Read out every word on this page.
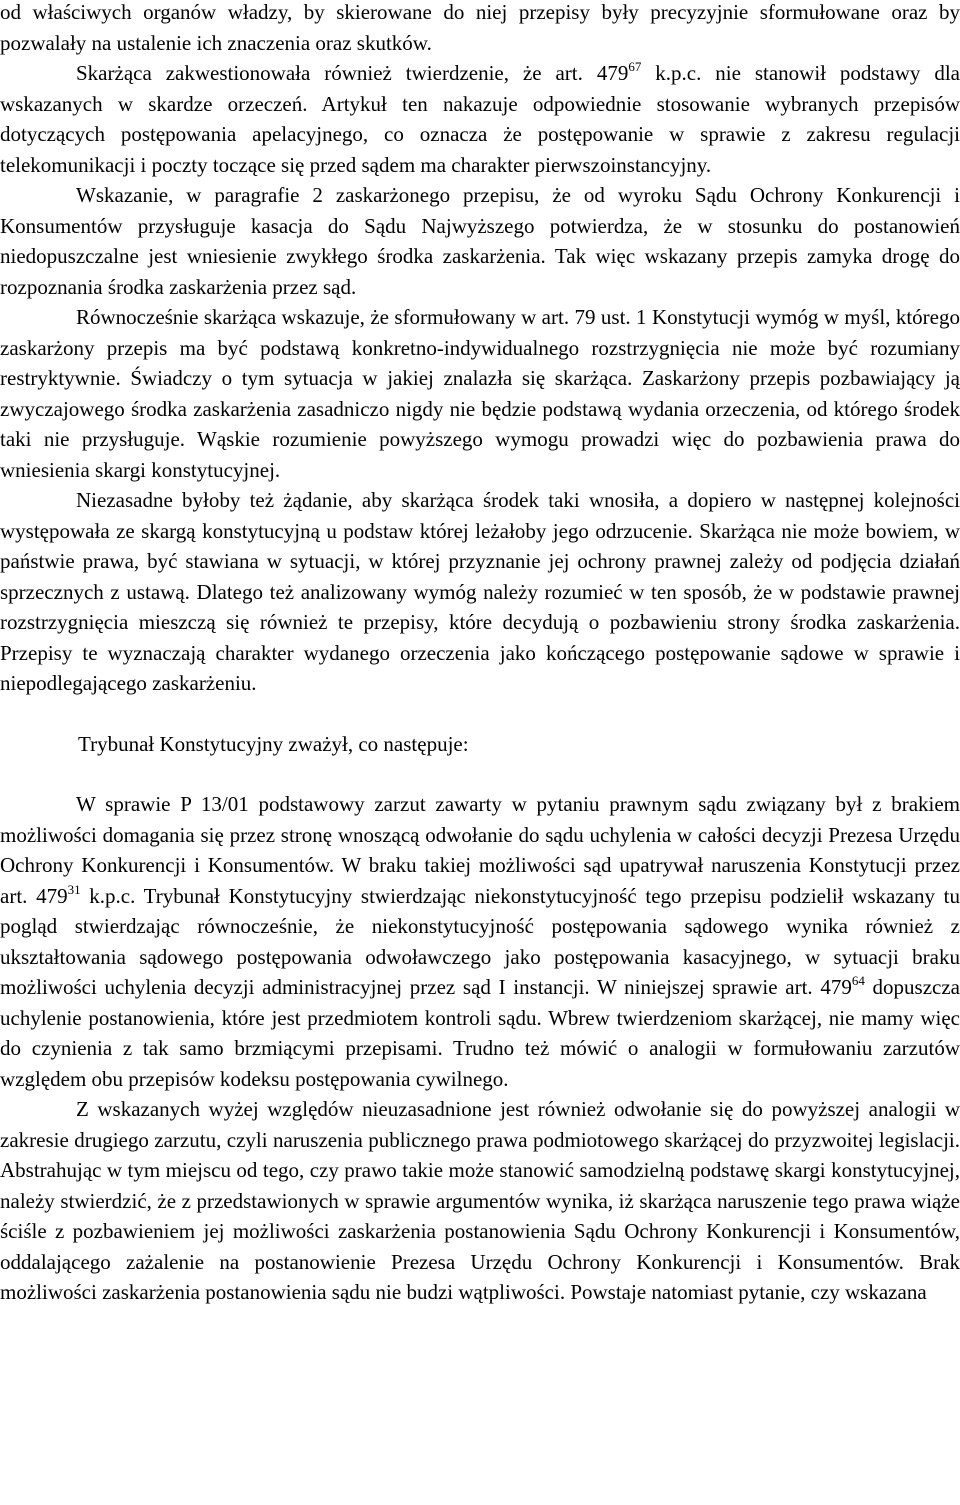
od właściwych organów władzy, by skierowane do niej przepisy były precyzyjnie sformułowane oraz by pozwalały na ustalenie ich znaczenia oraz skutków.

Skarżąca zakwestionowała również twierdzenie, że art. $479^{67}$ k.p.c. nie stanowił podstawy dla wskazanych w skardze orzeczeń. Artykuł ten nakazuje odpowiednie stosowanie wybranych przepisów dotyczących postępowania apelacyjnego, co oznacza że postępowanie w sprawie z zakresu regulacji telekomunikacji i poczty toczące się przed sądem ma charakter pierwszoinstancyjny.

Wskazanie, w paragrafie 2 zaskarżonego przepisu, że od wyroku Sądu Ochrony Konkurencji i Konsumentów przysługuje kasacja do Sądu Najwyższego potwierdza, że w stosunku do postanowień niedopuszczalne jest wniesienie zwykłego środka zaskarżenia. Tak więc wskazany przepis zamyka drogę do rozpoznania środka zaskarżenia przez sąd.

Równocześnie skarżąca wskazuje, że sformułowany w art. 79 ust. 1 Konstytucji wymóg w myśl, którego zaskarżony przepis ma być podstawą konkretno-indywidualnego rozstrzygnięcia nie może być rozumiany restryktywnie. Świadczy o tym sytuacja w jakiej znalazła się skarżąca. Zaskarżony przepis pozbawiający ją zwyczajowego środka zaskarżenia zasadniczo nigdy nie będzie podstawą wydania orzeczenia, od którego środek taki nie przysługuje. Wąskie rozumienie powyższego wymogu prowadzi więc do pozbawienia prawa do wniesienia skargi konstytucyjnej.

Niezasadne byłoby też żądanie, aby skarżąca środek taki wnosiła, a dopiero w następnej kolejności występowała ze skargą konstytucyjną u podstaw której leżałoby jego odrzucenie. Skarżąca nie może bowiem, w państwie prawa, być stawiana w sytuacji, w której przyznanie jej ochrony prawnej zależy od podjęcia działań sprzecznych z ustawą. Dlatego też analizowany wymóg należy rozumieć w ten sposób, że w podstawie prawnej rozstrzygnięcia mieszczą się również te przepisy, które decydują o pozbawieniu strony środka zaskarżenia. Przepisy te wyznaczają charakter wydanego orzeczenia jako kończącego postępowanie sądowe w sprawie i niepodlegającego zaskarżeniu.

Trybunał Konstytucyjny zważył, co następuje:

W sprawie P 13/01 podstawowy zarzut zawarty w pytaniu prawnym sądu związany był z brakiem możliwości domagania się przez stronę wnoszącą odwołanie do sądu uchylenia w całości decyzji Prezesa Urzędu Ochrony Konkurencji i Konsumentów. W braku takiej możliwości sąd upatrywał naruszenia Konstytucji przez art. $479^{31}$ k.p.c. Trybunał Konstytucyjny stwierdzając niekonstytucyjność tego przepisu podzielił wskazany tu pogląd stwierdzając równocześnie, że niekonstytucyjność postępowania sądowego wynika również z ukształtowania sądowego postępowania odwoławczego jako postępowania kasacyjnego, w sytuacji braku możliwości uchylenia decyzji administracyjnej przez sąd I instancji. W niniejszej sprawie art. $479^{64}$ dopuszcza uchylenie postanowienia, które jest przedmiotem kontroli sądu. Wbrew twierdzeniom skarżącej, nie mamy więc do czynienia z tak samo brzmiącymi przepisami. Trudno też mówić o analogii w formułowaniu zarzutów względem obu przepisów kodeksu postępowania cywilnego.

Z wskazanych wyżej względów nieuzasadnione jest również odwołanie się do powyższej analogii w zakresie drugiego zarzutu, czyli naruszenia publicznego prawa podmiotowego skarżącej do przyzwoitej legislacji. Abstrahując w tym miejscu od tego, czy prawo takie może stanowić samodzielną podstawę skargi konstytucyjnej, należy stwierdzić, że z przedstawionych w sprawie argumentów wynika, iż skarżąca naruszenie tego prawa wiąże ściśle z pozbawieniem jej możliwości zaskarżenia postanowienia Sądu Ochrony Konkurencji i Konsumentów, oddalającego zażalenie na postanowienie Prezesa Urzędu Ochrony Konkurencji i Konsumentów. Brak możliwości zaskarżenia postanowienia sądu nie budzi wątpliwości. Powstaje natomiast pytanie, czy wskazana
